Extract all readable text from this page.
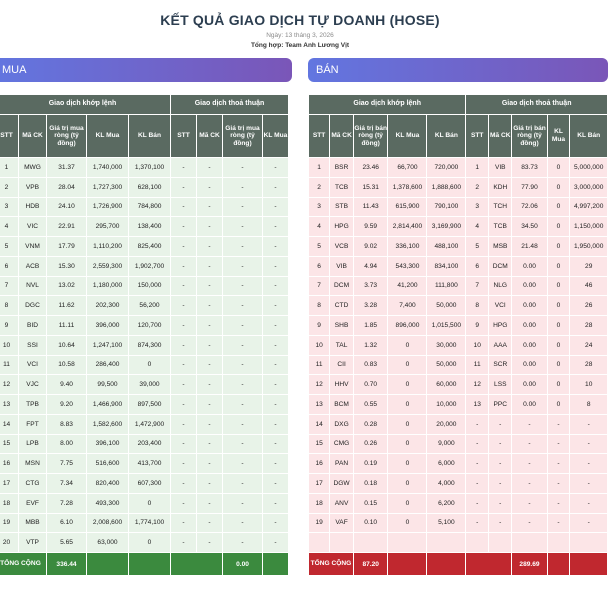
KẾT QUẢ GIAO DỊCH TỰ DOANH (HOSE)
Ngày: 13 tháng 3, 2026
Tổng hợp: Team Anh Lương Vịt
MUA
Giao dịch khớp lệnh					Giao dịch thoả thuận			
STT	Mã CK	Giá trị mua ròng (tỷ đồng)	KL Mua	KL Bán	STT	Mã CK	Giá trị mua ròng (tỷ đồng)	KL Mua
1	MWG	31.37	1,740,000	1,370,100	-	-	-	-
2	VPB	28.04	1,727,300	628,100	-	-	-	-
3	HDB	24.10	1,726,900	784,800	-	-	-	-
4	VIC	22.91	295,700	138,400	-	-	-	-
5	VNM	17.79	1,110,200	825,400	-	-	-	-
6	ACB	15.30	2,559,300	1,902,700	-	-	-	-
7	NVL	13.02	1,180,000	150,000	-	-	-	-
8	DGC	11.62	202,300	56,200	-	-	-	-
9	BID	11.11	396,000	120,700	-	-	-	-
10	SSI	10.64	1,247,100	874,300	-	-	-	-
11	VCI	10.58	286,400	0	-	-	-	-
12	VJC	9.40	99,500	39,000	-	-	-	-
13	TPB	9.20	1,466,900	897,500	-	-	-	-
14	FPT	8.83	1,582,600	1,472,900	-	-	-	-
15	LPB	8.00	396,100	203,400	-	-	-	-
16	MSN	7.75	516,600	413,700	-	-	-	-
17	CTG	7.34	820,400	607,300	-	-	-	-
18	EVF	7.28	493,300	0	-	-	-	-
19	MBB	6.10	2,008,600	1,774,100	-	-	-	-
20	VTP	5.65	63,000	0	-	-	-	-
TỔNG CỘNG		336.44					0.00	
BÁN
Giao dịch khớp lệnh					Giao dịch thoả thuận				
STT	Mã CK	Giá trị bán ròng (tỷ đồng)	KL Mua	KL Bán	STT	Mã CK	Giá trị bán ròng (tỷ đồng)	KL Mua	KL Bán
1	BSR	23.46	66,700	720,000	1	VIB	83.73	0	5,000,000
2	TCB	15.31	1,378,600	1,888,600	2	KDH	77.90	0	3,000,000
3	STB	11.43	615,900	790,100	3	TCH	72.06	0	4,997,200
4	HPG	9.59	2,814,400	3,169,900	4	TCB	34.50	0	1,150,000
5	VCB	9.02	336,100	488,100	5	MSB	21.48	0	1,950,000
6	VIB	4.94	543,300	834,100	6	DCM	0.00	0	29
7	DCM	3.73	41,200	111,800	7	NLG	0.00	0	46
8	CTD	3.28	7,400	50,000	8	VCI	0.00	0	26
9	SHB	1.85	896,000	1,015,500	9	HPG	0.00	0	28
10	TAL	1.32	0	30,000	10	AAA	0.00	0	24
11	CII	0.83	0	50,000	11	SCR	0.00	0	28
12	HHV	0.70	0	60,000	12	LSS	0.00	0	10
13	BCM	0.55	0	10,000	13	PPC	0.00	0	8
14	DXG	0.28	0	20,000	-	-	-	-	-
15	CMG	0.26	0	9,000	-	-	-	-	-
16	PAN	0.19	0	6,000	-	-	-	-	-
17	DGW	0.18	0	4,000	-	-	-	-	-
18	ANV	0.15	0	6,200	-	-	-	-	-
19	VAF	0.10	0	5,100	-	-	-	-	-

TỔNG CỘNG		87.20					289.69		
